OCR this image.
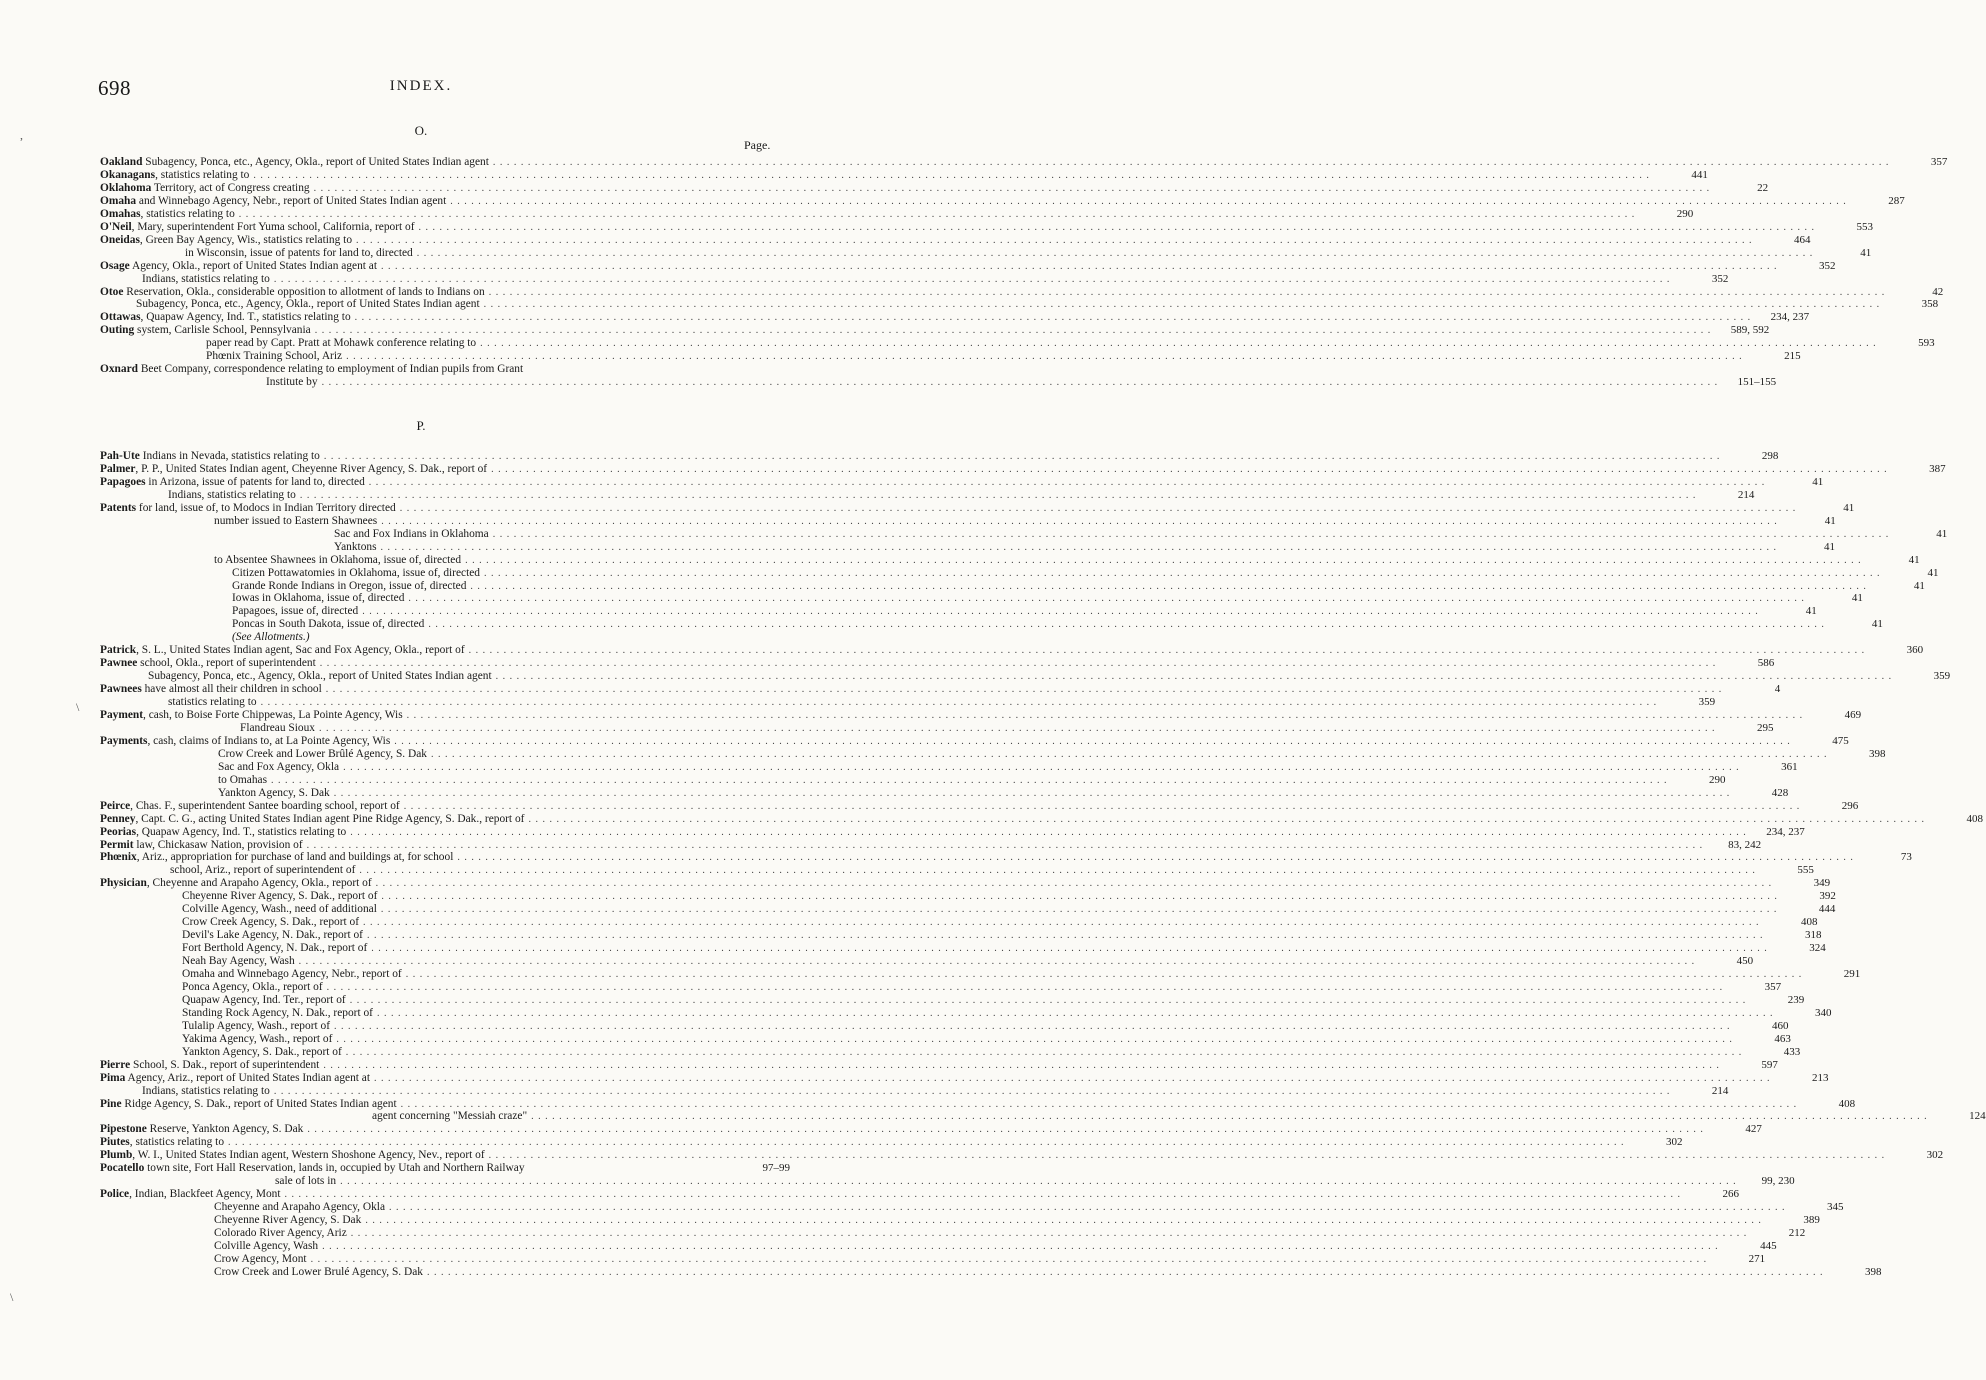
698	INDEX.
Page.
O.
Oakland Subagency, Ponca, etc., Agency, Okla., report of United States Indian agent . . . . . . . . . . . . . . . . . . . . . . . . . . . . . . . . . . . . . . . . . . . . . . . . . . . . . . . . . . . . . . . . . . . . . . . . . . . . . . . . . . . . . . . . . . . . . . . . . . . . . . . . . . . . . . . . . . . . . . . . . . . . . . . . . . . . . . . . . . . . . . . . . . . . . . . . . . . . . . . . . . . . . . . . . . . . . . . . . . . . . . . . . . . . . . . . . . . . . . . .	357
Okanagans, statistics relating to . . . . . . . . . . . . . . . . . . . . . . . . . . . . . . . . . . . . . . . . . . . . . . . . . . . . . . . . . . . . . . . . . . . . . . . . . . . . . . . . . . . . . . . . . . . . . . . . . . . . . . . . . . . . . . . . . . . . . . . . . . . . . . . . . . . . . . . . . . . . . . . . . . . . . . . . . . . . . . . . . . . . . . . . . . . . . . . . . . . . . . . . . . . . . . . . . . . . . . . .	441
Oklahoma Territory, act of Congress creating . . . . . . . . . . . . . . . . . . . . . . . . . . . . . . . . . . . . . . . . . . . . . . . . . . . . . . . . . . . . . . . . . . . . . . . . . . . . . . . . . . . . . . . . . . . . . . . . . . . . . . . . . . . . . . . . . . . . . . . . . . . . . . . . . . . . . . . . . . . . . . . . . . . . . . . . . . . . . . . . . . . . . . . . . . . . . . . . . . . . . . . . . . . . . . . . . . . . . . . .	22
Omaha and Winnebago Agency, Nebr., report of United States Indian agent . . . . . . . . . . . . . . . . . . . . . . . . . . . . . . . . . . . . . . . . . . . . . . . . . . . . . . . . . . . . . . . . . . . . . . . . . . . . . . . . . . . . . . . . . . . . . . . . . . . . . . . . . . . . . . . . . . . . . . . . . . . . . . . . . . . . . . . . . . . . . . . . . . . . . . . . . . . . . . . . . . . . . . . . . . . . . . . . . . . . . . . . . . . . . . . . . . . . . . . .	287
Omahas, statistics relating to . . . . . . . . . . . . . . . . . . . . . . . . . . . . . . . . . . . . . . . . . . . . . . . . . . . . . . . . . . . . . . . . . . . . . . . . . . . . . . . . . . . . . . . . . . . . . . . . . . . . . . . . . . . . . . . . . . . . . . . . . . . . . . . . . . . . . . . . . . . . . . . . . . . . . . . . . . . . . . . . . . . . . . . . . . . . . . . . . . . . . . . . . . . . . . . . . . . . . . . .	290
O'Neil, Mary, superintendent Fort Yuma school, California, report of . . . . . . . . . . . . . . . . . . . . . . . . . . . . . . . . . . . . . . . . . . . . . . . . . . . . . . . . . . . . . . . . . . . . . . . . . . . . . . . . . . . . . . . . . . . . . . . . . . . . . . . . . . . . . . . . . . . . . . . . . . . . . . . . . . . . . . . . . . . . . . . . . . . . . . . . . . . . . . . . . . . . . . . . . . . . . . . . . . . . . . . . . . . . . . . . . . . . . . . .	553
Oneidas, Green Bay Agency, Wis., statistics relating to . . . . . . . . . . . . . . . . . . . . . . . . . . . . . . . . . . . . . . . . . . . . . . . . . . . . . . . . . . . . . . . . . . . . . . . . . . . . . . . . . . . . . . . . . . . . . . . . . . . . . . . . . . . . . . . . . . . . . . . . . . . . . . . . . . . . . . . . . . . . . . . . . . . . . . . . . . . . . . . . . . . . . . . . . . . . . . . . . . . . . . . . . . . . . . . . . . . . . . . .	464
in Wisconsin, issue of patents for land to, directed . . . . . . . . . . . . . . . . . . . . . . . . . . . . . . . . . . . . . . . . . . . . . . . . . . . . . . . . . . . . . . . . . . . . . . . . . . . . . . . . . . . . . . . . . . . . . . . . . . . . . . . . . . . . . . . . . . . . . . . . . . . . . . . . . . . . . . . . . . . . . . . . . . . . . . . . . . . . . . . . . . . . . . . . . . . . . . . . . . . . . . . . . . . . . . . . . . . . . . . .	41
Osage Agency, Okla., report of United States Indian agent at . . . . . . . . . . . . . . . . . . . . . . . . . . . . . . . . . . . . . . . . . . . . . . . . . . . . . . . . . . . . . . . . . . . . . . . . . . . . . . . . . . . . . . . . . . . . . . . . . . . . . . . . . . . . . . . . . . . . . . . . . . . . . . . . . . . . . . . . . . . . . . . . . . . . . . . . . . . . . . . . . . . . . . . . . . . . . . . . . . . . . . . . . . . . . . . . . . . . . . . .	352
Indians, statistics relating to . . . . . . . . . . . . . . . . . . . . . . . . . . . . . . . . . . . . . . . . . . . . . . . . . . . . . . . . . . . . . . . . . . . . . . . . . . . . . . . . . . . . . . . . . . . . . . . . . . . . . . . . . . . . . . . . . . . . . . . . . . . . . . . . . . . . . . . . . . . . . . . . . . . . . . . . . . . . . . . . . . . . . . . . . . . . . . . . . . . . . . . . . . . . . . . . . . . . . . . .	352
Otoe Reservation, Okla., considerable opposition to allotment of lands to Indians on . . . . . . . . . . . . . . . . . . . . . . . . . . . . . . . . . . . . . . . . . . . . . . . . . . . . . . . . . . . . . . . . . . . . . . . . . . . . . . . . . . . . . . . . . . . . . . . . . . . . . . . . . . . . . . . . . . . . . . . . . . . . . . . . . . . . . . . . . . . . . . . . . . . . . . . . . . . . . . . . . . . . . . . . . . . . . . . . . . . . . . . . . . . . . . . . . . . . . . . .	42
Subagency, Ponca, etc., Agency, Okla., report of United States Indian agent . . . . . . . . . . . . . . . . . . . . . . . . . . . . . . . . . . . . . . . . . . . . . . . . . . . . . . . . . . . . . . . . . . . . . . . . . . . . . . . . . . . . . . . . . . . . . . . . . . . . . . . . . . . . . . . . . . . . . . . . . . . . . . . . . . . . . . . . . . . . . . . . . . . . . . . . . . . . . . . . . . . . . . . . . . . . . . . . . . . . . . . . . . . . . . . . . . . . . . . .	358
Ottawas, Quapaw Agency, Ind. T., statistics relating to . . . . . . . . . . . . . . . . . . . . . . . . . . . . . . . . . . . . . . . . . . . . . . . . . . . . . . . . . . . . . . . . . . . . . . . . . . . . . . . . . . . . . . . . . . . . . . . . . . . . . . . . . . . . . . . . . . . . . . . . . . . . . . . . . . . . . . . . . . . . . . . . . . . . . . . . . . . . . . . . . . . . . . . . . . . . . . . . . . . . . . . . . . . . . . . . . . . . . . . .	234, 237
Outing system, Carlisle School, Pennsylvania . . . . . . . . . . . . . . . . . . . . . . . . . . . . . . . . . . . . . . . . . . . . . . . . . . . . . . . . . . . . . . . . . . . . . . . . . . . . . . . . . . . . . . . . . . . . . . . . . . . . . . . . . . . . . . . . . . . . . . . . . . . . . . . . . . . . . . . . . . . . . . . . . . . . . . . . . . . . . . . . . . . . . . . . . . . . . . . . . . . . . . . . . . . . . . . . . . . . . . . .	589, 592
paper read by Capt. Pratt at Mohawk conference relating to . . . . . . . . . . . . . . . . . . . . . . . . . . . . . . . . . . . . . . . . . . . . . . . . . . . . . . . . . . . . . . . . . . . . . . . . . . . . . . . . . . . . . . . . . . . . . . . . . . . . . . . . . . . . . . . . . . . . . . . . . . . . . . . . . . . . . . . . . . . . . . . . . . . . . . . . . . . . . . . . . . . . . . . . . . . . . . . . . . . . . . . . . . . . . . . . . . . . . . . .	593
Phœnix Training School, Ariz . . . . . . . . . . . . . . . . . . . . . . . . . . . . . . . . . . . . . . . . . . . . . . . . . . . . . . . . . . . . . . . . . . . . . . . . . . . . . . . . . . . . . . . . . . . . . . . . . . . . . . . . . . . . . . . . . . . . . . . . . . . . . . . . . . . . . . . . . . . . . . . . . . . . . . . . . . . . . . . . . . . . . . . . . . . . . . . . . . . . . . . . . . . . . . . . . . . . . . . .	215
Oxnard Beet Company, correspondence relating to employment of Indian pupils from Grant
Institute by . . . . . . . . . . . . . . . . . . . . . . . . . . . . . . . . . . . . . . . . . . . . . . . . . . . . . . . . . . . . . . . . . . . . . . . . . . . . . . . . . . . . . . . . . . . . . . . . . . . . . . . . . . . . . . . . . . . . . . . . . . . . . . . . . . . . . . . . . . . . . . . . . . . . . . . . . . . . . . . . . . . . . . . . . . . . . . . . . . . . . . . . . . . . . . . . . . . . . . . .	151–155
P.
Pah-Ute Indians in Nevada, statistics relating to . . . . . . . . . . . . . . . . . . . . . . . . . . . . . . . . . . . . . . . . . . . . . . . . . . . . . . . . . . . . . . . . . . . . . . . . . . . . . . . . . . . . . . . . . . . . . . . . . . . . . . . . . . . . . . . . . . . . . . . . . . . . . . . . . . . . . . . . . . . . . . . . . . . . . . . . . . . . . . . . . . . . . . . . . . . . . . . . . . . . . . . . . . . . . . . . . . . . . . . .	298
Palmer, P. P., United States Indian agent, Cheyenne River Agency, S. Dak., report of . . . . . . . . . . . . . . . . . . . . . . . . . . . . . . . . . . . . . . . . . . . . . . . . . . . . . . . . . . . . . . . . . . . . . . . . . . . . . . . . . . . . . . . . . . . . . . . . . . . . . . . . . . . . . . . . . . . . . . . . . . . . . . . . . . . . . . . . . . . . . . . . . . . . . . . . . . . . . . . . . . . . . . . . . . . . . . . . . . . . . . . . . . . . . . . . . . . . . . . .	387
Papagoes in Arizona, issue of patents for land to, directed . . . . . . . . . . . . . . . . . . . . . . . . . . . . . . . . . . . . . . . . . . . . . . . . . . . . . . . . . . . . . . . . . . . . . . . . . . . . . . . . . . . . . . . . . . . . . . . . . . . . . . . . . . . . . . . . . . . . . . . . . . . . . . . . . . . . . . . . . . . . . . . . . . . . . . . . . . . . . . . . . . . . . . . . . . . . . . . . . . . . . . . . . . . . . . . . . . . . . . . .	41
Indians, statistics relating to . . . . . . . . . . . . . . . . . . . . . . . . . . . . . . . . . . . . . . . . . . . . . . . . . . . . . . . . . . . . . . . . . . . . . . . . . . . . . . . . . . . . . . . . . . . . . . . . . . . . . . . . . . . . . . . . . . . . . . . . . . . . . . . . . . . . . . . . . . . . . . . . . . . . . . . . . . . . . . . . . . . . . . . . . . . . . . . . . . . . . . . . . . . . . . . . . . . . . . . .	214
Patents for land, issue of, to Modocs in Indian Territory directed . . . . . . . . . . . . . . . . . . . . . . . . . . . . . . . . . . . . . . . . . . . . . . . . . . . . . . . . . . . . . . . . . . . . . . . . . . . . . . . . . . . . . . . . . . . . . . . . . . . . . . . . . . . . . . . . . . . . . . . . . . . . . . . . . . . . . . . . . . . . . . . . . . . . . . . . . . . . . . . . . . . . . . . . . . . . . . . . . . . . . . . . . . . . . . . . . . . . . . . .	41
number issued to Eastern Shawnees . . . . . . . . . . . . . . . . . . . . . . . . . . . . . . . . . . . . . . . . . . . . . . . . . . . . . . . . . . . . . . . . . . . . . . . . . . . . . . . . . . . . . . . . . . . . . . . . . . . . . . . . . . . . . . . . . . . . . . . . . . . . . . . . . . . . . . . . . . . . . . . . . . . . . . . . . . . . . . . . . . . . . . . . . . . . . . . . . . . . . . . . . . . . . . . . . . . . . . . .	41
Sac and Fox Indians in Oklahoma . . . . . . . . . . . . . . . . . . . . . . . . . . . . . . . . . . . . . . . . . . . . . . . . . . . . . . . . . . . . . . . . . . . . . . . . . . . . . . . . . . . . . . . . . . . . . . . . . . . . . . . . . . . . . . . . . . . . . . . . . . . . . . . . . . . . . . . . . . . . . . . . . . . . . . . . . . . . . . . . . . . . . . . . . . . . . . . . . . . . . . . . . . . . . . . . . . . . . . . .	41
Yanktons . . . . . . . . . . . . . . . . . . . . . . . . . . . . . . . . . . . . . . . . . . . . . . . . . . . . . . . . . . . . . . . . . . . . . . . . . . . . . . . . . . . . . . . . . . . . . . . . . . . . . . . . . . . . . . . . . . . . . . . . . . . . . . . . . . . . . . . . . . . . . . . . . . . . . . . . . . . . . . . . . . . . . . . . . . . . . . . . . . . . . . . . . . . . . . . . . . . . . . . .	41
to Absentee Shawnees in Oklahoma, issue of, directed . . . . . . . . . . . . . . . . . . . . . . . . . . . . . . . . . . . . . . . . . . . . . . . . . . . . . . . . . . . . . . . . . . . . . . . . . . . . . . . . . . . . . . . . . . . . . . . . . . . . . . . . . . . . . . . . . . . . . . . . . . . . . . . . . . . . . . . . . . . . . . . . . . . . . . . . . . . . . . . . . . . . . . . . . . . . . . . . . . . . . . . . . . . . . . . . . . . . . . . .	41
Citizen Pottawatomies in Oklahoma, issue of, directed . . . . . . . . . . . . . . . . . . . . . . . . . . . . . . . . . . . . . . . . . . . . . . . . . . . . . . . . . . . . . . . . . . . . . . . . . . . . . . . . . . . . . . . . . . . . . . . . . . . . . . . . . . . . . . . . . . . . . . . . . . . . . . . . . . . . . . . . . . . . . . . . . . . . . . . . . . . . . . . . . . . . . . . . . . . . . . . . . . . . . . . . . . . . . . . . . . . . . . . .	41
Grande Ronde Indians in Oregon, issue of, directed . . . . . . . . . . . . . . . . . . . . . . . . . . . . . . . . . . . . . . . . . . . . . . . . . . . . . . . . . . . . . . . . . . . . . . . . . . . . . . . . . . . . . . . . . . . . . . . . . . . . . . . . . . . . . . . . . . . . . . . . . . . . . . . . . . . . . . . . . . . . . . . . . . . . . . . . . . . . . . . . . . . . . . . . . . . . . . . . . . . . . . . . . . . . . . . . . . . . . . . .	41
Iowas in Oklahoma, issue of, directed . . . . . . . . . . . . . . . . . . . . . . . . . . . . . . . . . . . . . . . . . . . . . . . . . . . . . . . . . . . . . . . . . . . . . . . . . . . . . . . . . . . . . . . . . . . . . . . . . . . . . . . . . . . . . . . . . . . . . . . . . . . . . . . . . . . . . . . . . . . . . . . . . . . . . . . . . . . . . . . . . . . . . . . . . . . . . . . . . . . . . . . . . . . . . . . . . . . . . . . .	41
Papagoes, issue of, directed . . . . . . . . . . . . . . . . . . . . . . . . . . . . . . . . . . . . . . . . . . . . . . . . . . . . . . . . . . . . . . . . . . . . . . . . . . . . . . . . . . . . . . . . . . . . . . . . . . . . . . . . . . . . . . . . . . . . . . . . . . . . . . . . . . . . . . . . . . . . . . . . . . . . . . . . . . . . . . . . . . . . . . . . . . . . . . . . . . . . . . . . . . . . . . . . . . . . . . . .	41
Poncas in South Dakota, issue of, directed . . . . . . . . . . . . . . . . . . . . . . . . . . . . . . . . . . . . . . . . . . . . . . . . . . . . . . . . . . . . . . . . . . . . . . . . . . . . . . . . . . . . . . . . . . . . . . . . . . . . . . . . . . . . . . . . . . . . . . . . . . . . . . . . . . . . . . . . . . . . . . . . . . . . . . . . . . . . . . . . . . . . . . . . . . . . . . . . . . . . . . . . . . . . . . . . . . . . . . . .	41
(See Allotments.)
Patrick, S. L., United States Indian agent, Sac and Fox Agency, Okla., report of . . . . . . . . . . . . . . . . . . . . . . . . . . . . . . . . . . . . . . . . . . . . . . . . . . . . . . . . . . . . . . . . . . . . . . . . . . . . . . . . . . . . . . . . . . . . . . . . . . . . . . . . . . . . . . . . . . . . . . . . . . . . . . . . . . . . . . . . . . . . . . . . . . . . . . . . . . . . . . . . . . . . . . . . . . . . . . . . . . . . . . . . . . . . . . . . . . . . . . . .	360
Pawnee school, Okla., report of superintendent . . . . . . . . . . . . . . . . . . . . . . . . . . . . . . . . . . . . . . . . . . . . . . . . . . . . . . . . . . . . . . . . . . . . . . . . . . . . . . . . . . . . . . . . . . . . . . . . . . . . . . . . . . . . . . . . . . . . . . . . . . . . . . . . . . . . . . . . . . . . . . . . . . . . . . . . . . . . . . . . . . . . . . . . . . . . . . . . . . . . . . . . . . . . . . . . . . . . . . . .	586
Subagency, Ponca, etc., Agency, Okla., report of United States Indian agent . . . . . . . . . . . . . . . . . . . . . . . . . . . . . . . . . . . . . . . . . . . . . . . . . . . . . . . . . . . . . . . . . . . . . . . . . . . . . . . . . . . . . . . . . . . . . . . . . . . . . . . . . . . . . . . . . . . . . . . . . . . . . . . . . . . . . . . . . . . . . . . . . . . . . . . . . . . . . . . . . . . . . . . . . . . . . . . . . . . . . . . . . . . . . . . . . . . . . . . .	359
Pawnees have almost all their children in school . . . . . . . . . . . . . . . . . . . . . . . . . . . . . . . . . . . . . . . . . . . . . . . . . . . . . . . . . . . . . . . . . . . . . . . . . . . . . . . . . . . . . . . . . . . . . . . . . . . . . . . . . . . . . . . . . . . . . . . . . . . . . . . . . . . . . . . . . . . . . . . . . . . . . . . . . . . . . . . . . . . . . . . . . . . . . . . . . . . . . . . . . . . . . . . . . . . . . . . .	4
statistics relating to . . . . . . . . . . . . . . . . . . . . . . . . . . . . . . . . . . . . . . . . . . . . . . . . . . . . . . . . . . . . . . . . . . . . . . . . . . . . . . . . . . . . . . . . . . . . . . . . . . . . . . . . . . . . . . . . . . . . . . . . . . . . . . . . . . . . . . . . . . . . . . . . . . . . . . . . . . . . . . . . . . . . . . . . . . . . . . . . . . . . . . . . . . . . . . . . . . . . . . . .	359
Payment, cash, to Boise Forte Chippewas, La Pointe Agency, Wis . . . . . . . . . . . . . . . . . . . . . . . . . . . . . . . . . . . . . . . . . . . . . . . . . . . . . . . . . . . . . . . . . . . . . . . . . . . . . . . . . . . . . . . . . . . . . . . . . . . . . . . . . . . . . . . . . . . . . . . . . . . . . . . . . . . . . . . . . . . . . . . . . . . . . . . . . . . . . . . . . . . . . . . . . . . . . . . . . . . . . . . . . . . . . . . . . . . . . . . .	469
Flandreau Sioux . . . . . . . . . . . . . . . . . . . . . . . . . . . . . . . . . . . . . . . . . . . . . . . . . . . . . . . . . . . . . . . . . . . . . . . . . . . . . . . . . . . . . . . . . . . . . . . . . . . . . . . . . . . . . . . . . . . . . . . . . . . . . . . . . . . . . . . . . . . . . . . . . . . . . . . . . . . . . . . . . . . . . . . . . . . . . . . . . . . . . . . . . . . . . . . . . . . . . . . .	295
Payments, cash, claims of Indians to, at La Pointe Agency, Wis . . . . . . . . . . . . . . . . . . . . . . . . . . . . . . . . . . . . . . . . . . . . . . . . . . . . . . . . . . . . . . . . . . . . . . . . . . . . . . . . . . . . . . . . . . . . . . . . . . . . . . . . . . . . . . . . . . . . . . . . . . . . . . . . . . . . . . . . . . . . . . . . . . . . . . . . . . . . . . . . . . . . . . . . . . . . . . . . . . . . . . . . . . . . . . . . . . . . . . . .	475
Crow Creek and Lower Brûlé Agency, S. Dak . . . . . . . . . . . . . . . . . . . . . . . . . . . . . . . . . . . . . . . . . . . . . . . . . . . . . . . . . . . . . . . . . . . . . . . . . . . . . . . . . . . . . . . . . . . . . . . . . . . . . . . . . . . . . . . . . . . . . . . . . . . . . . . . . . . . . . . . . . . . . . . . . . . . . . . . . . . . . . . . . . . . . . . . . . . . . . . . . . . . . . . . . . . . . . . . . . . . . . . .	398
Sac and Fox Agency, Okla . . . . . . . . . . . . . . . . . . . . . . . . . . . . . . . . . . . . . . . . . . . . . . . . . . . . . . . . . . . . . . . . . . . . . . . . . . . . . . . . . . . . . . . . . . . . . . . . . . . . . . . . . . . . . . . . . . . . . . . . . . . . . . . . . . . . . . . . . . . . . . . . . . . . . . . . . . . . . . . . . . . . . . . . . . . . . . . . . . . . . . . . . . . . . . . . . . . . . . . .	361
to Omahas . . . . . . . . . . . . . . . . . . . . . . . . . . . . . . . . . . . . . . . . . . . . . . . . . . . . . . . . . . . . . . . . . . . . . . . . . . . . . . . . . . . . . . . . . . . . . . . . . . . . . . . . . . . . . . . . . . . . . . . . . . . . . . . . . . . . . . . . . . . . . . . . . . . . . . . . . . . . . . . . . . . . . . . . . . . . . . . . . . . . . . . . . . . . . . . . . . . . . . . .	290
Yankton Agency, S. Dak . . . . . . . . . . . . . . . . . . . . . . . . . . . . . . . . . . . . . . . . . . . . . . . . . . . . . . . . . . . . . . . . . . . . . . . . . . . . . . . . . . . . . . . . . . . . . . . . . . . . . . . . . . . . . . . . . . . . . . . . . . . . . . . . . . . . . . . . . . . . . . . . . . . . . . . . . . . . . . . . . . . . . . . . . . . . . . . . . . . . . . . . . . . . . . . . . . . . . . . .	428
Peirce, Chas. F., superintendent Santee boarding school, report of . . . . . . . . . . . . . . . . . . . . . . . . . . . . . . . . . . . . . . . . . . . . . . . . . . . . . . . . . . . . . . . . . . . . . . . . . . . . . . . . . . . . . . . . . . . . . . . . . . . . . . . . . . . . . . . . . . . . . . . . . . . . . . . . . . . . . . . . . . . . . . . . . . . . . . . . . . . . . . . . . . . . . . . . . . . . . . . . . . . . . . . . . . . . . . . . . . . . . . . .	296
Penney, Capt. C. G., acting United States Indian agent Pine Ridge Agency, S. Dak., report of . . . . . . . . . . . . . . . . . . . . . . . . . . . . . . . . . . . . . . . . . . . . . . . . . . . . . . . . . . . . . . . . . . . . . . . . . . . . . . . . . . . . . . . . . . . . . . . . . . . . . . . . . . . . . . . . . . . . . . . . . . . . . . . . . . . . . . . . . . . . . . . . . . . . . . . . . . . . . . . . . . . . . . . . . . . . . . . . . . . . . . . . . . . . . . . . . . . . . . . .	408
Peorias, Quapaw Agency, Ind. T., statistics relating to . . . . . . . . . . . . . . . . . . . . . . . . . . . . . . . . . . . . . . . . . . . . . . . . . . . . . . . . . . . . . . . . . . . . . . . . . . . . . . . . . . . . . . . . . . . . . . . . . . . . . . . . . . . . . . . . . . . . . . . . . . . . . . . . . . . . . . . . . . . . . . . . . . . . . . . . . . . . . . . . . . . . . . . . . . . . . . . . . . . . . . . . . . . . . . . . . . . . . . . .	234, 237
Permit law, Chickasaw Nation, provision of . . . . . . . . . . . . . . . . . . . . . . . . . . . . . . . . . . . . . . . . . . . . . . . . . . . . . . . . . . . . . . . . . . . . . . . . . . . . . . . . . . . . . . . . . . . . . . . . . . . . . . . . . . . . . . . . . . . . . . . . . . . . . . . . . . . . . . . . . . . . . . . . . . . . . . . . . . . . . . . . . . . . . . . . . . . . . . . . . . . . . . . . . . . . . . . . . . . . . . . .	83, 242
Phœnix, Ariz., appropriation for purchase of land and buildings at, for school . . . . . . . . . . . . . . . . . . . . . . . . . . . . . . . . . . . . . . . . . . . . . . . . . . . . . . . . . . . . . . . . . . . . . . . . . . . . . . . . . . . . . . . . . . . . . . . . . . . . . . . . . . . . . . . . . . . . . . . . . . . . . . . . . . . . . . . . . . . . . . . . . . . . . . . . . . . . . . . . . . . . . . . . . . . . . . . . . . . . . . . . . . . . . . . . . . . . . . . .	73
school, Ariz., report of superintendent of . . . . . . . . . . . . . . . . . . . . . . . . . . . . . . . . . . . . . . . . . . . . . . . . . . . . . . . . . . . . . . . . . . . . . . . . . . . . . . . . . . . . . . . . . . . . . . . . . . . . . . . . . . . . . . . . . . . . . . . . . . . . . . . . . . . . . . . . . . . . . . . . . . . . . . . . . . . . . . . . . . . . . . . . . . . . . . . . . . . . . . . . . . . . . . . . . . . . . . . .	555
Physician, Cheyenne and Arapaho Agency, Okla., report of . . . . . . . . . . . . . . . . . . . . . . . . . . . . . . . . . . . . . . . . . . . . . . . . . . . . . . . . . . . . . . . . . . . . . . . . . . . . . . . . . . . . . . . . . . . . . . . . . . . . . . . . . . . . . . . . . . . . . . . . . . . . . . . . . . . . . . . . . . . . . . . . . . . . . . . . . . . . . . . . . . . . . . . . . . . . . . . . . . . . . . . . . . . . . . . . . . . . . . . .	349
Cheyenne River Agency, S. Dak., report of . . . . . . . . . . . . . . . . . . . . . . . . . . . . . . . . . . . . . . . . . . . . . . . . . . . . . . . . . . . . . . . . . . . . . . . . . . . . . . . . . . . . . . . . . . . . . . . . . . . . . . . . . . . . . . . . . . . . . . . . . . . . . . . . . . . . . . . . . . . . . . . . . . . . . . . . . . . . . . . . . . . . . . . . . . . . . . . . . . . . . . . . . . . . . . . . . . . . . . . .	392
Colville Agency, Wash., need of additional . . . . . . . . . . . . . . . . . . . . . . . . . . . . . . . . . . . . . . . . . . . . . . . . . . . . . . . . . . . . . . . . . . . . . . . . . . . . . . . . . . . . . . . . . . . . . . . . . . . . . . . . . . . . . . . . . . . . . . . . . . . . . . . . . . . . . . . . . . . . . . . . . . . . . . . . . . . . . . . . . . . . . . . . . . . . . . . . . . . . . . . . . . . . . . . . . . . . . . . .	444
Crow Creek Agency, S. Dak., report of . . . . . . . . . . . . . . . . . . . . . . . . . . . . . . . . . . . . . . . . . . . . . . . . . . . . . . . . . . . . . . . . . . . . . . . . . . . . . . . . . . . . . . . . . . . . . . . . . . . . . . . . . . . . . . . . . . . . . . . . . . . . . . . . . . . . . . . . . . . . . . . . . . . . . . . . . . . . . . . . . . . . . . . . . . . . . . . . . . . . . . . . . . . . . . . . . . . . . . . .	408
Devil's Lake Agency, N. Dak., report of . . . . . . . . . . . . . . . . . . . . . . . . . . . . . . . . . . . . . . . . . . . . . . . . . . . . . . . . . . . . . . . . . . . . . . . . . . . . . . . . . . . . . . . . . . . . . . . . . . . . . . . . . . . . . . . . . . . . . . . . . . . . . . . . . . . . . . . . . . . . . . . . . . . . . . . . . . . . . . . . . . . . . . . . . . . . . . . . . . . . . . . . . . . . . . . . . . . . . . . .	318
Fort Berthold Agency, N. Dak., report of . . . . . . . . . . . . . . . . . . . . . . . . . . . . . . . . . . . . . . . . . . . . . . . . . . . . . . . . . . . . . . . . . . . . . . . . . . . . . . . . . . . . . . . . . . . . . . . . . . . . . . . . . . . . . . . . . . . . . . . . . . . . . . . . . . . . . . . . . . . . . . . . . . . . . . . . . . . . . . . . . . . . . . . . . . . . . . . . . . . . . . . . . . . . . . . . . . . . . . . .	324
Neah Bay Agency, Wash . . . . . . . . . . . . . . . . . . . . . . . . . . . . . . . . . . . . . . . . . . . . . . . . . . . . . . . . . . . . . . . . . . . . . . . . . . . . . . . . . . . . . . . . . . . . . . . . . . . . . . . . . . . . . . . . . . . . . . . . . . . . . . . . . . . . . . . . . . . . . . . . . . . . . . . . . . . . . . . . . . . . . . . . . . . . . . . . . . . . . . . . . . . . . . . . . . . . . . . .	450
Omaha and Winnebago Agency, Nebr., report of . . . . . . . . . . . . . . . . . . . . . . . . . . . . . . . . . . . . . . . . . . . . . . . . . . . . . . . . . . . . . . . . . . . . . . . . . . . . . . . . . . . . . . . . . . . . . . . . . . . . . . . . . . . . . . . . . . . . . . . . . . . . . . . . . . . . . . . . . . . . . . . . . . . . . . . . . . . . . . . . . . . . . . . . . . . . . . . . . . . . . . . . . . . . . . . . . . . . . . . .	291
Ponca Agency, Okla., report of . . . . . . . . . . . . . . . . . . . . . . . . . . . . . . . . . . . . . . . . . . . . . . . . . . . . . . . . . . . . . . . . . . . . . . . . . . . . . . . . . . . . . . . . . . . . . . . . . . . . . . . . . . . . . . . . . . . . . . . . . . . . . . . . . . . . . . . . . . . . . . . . . . . . . . . . . . . . . . . . . . . . . . . . . . . . . . . . . . . . . . . . . . . . . . . . . . . . . . . .	357
Quapaw Agency, Ind. Ter., report of . . . . . . . . . . . . . . . . . . . . . . . . . . . . . . . . . . . . . . . . . . . . . . . . . . . . . . . . . . . . . . . . . . . . . . . . . . . . . . . . . . . . . . . . . . . . . . . . . . . . . . . . . . . . . . . . . . . . . . . . . . . . . . . . . . . . . . . . . . . . . . . . . . . . . . . . . . . . . . . . . . . . . . . . . . . . . . . . . . . . . . . . . . . . . . . . . . . . . . . .	239
Standing Rock Agency, N. Dak., report of . . . . . . . . . . . . . . . . . . . . . . . . . . . . . . . . . . . . . . . . . . . . . . . . . . . . . . . . . . . . . . . . . . . . . . . . . . . . . . . . . . . . . . . . . . . . . . . . . . . . . . . . . . . . . . . . . . . . . . . . . . . . . . . . . . . . . . . . . . . . . . . . . . . . . . . . . . . . . . . . . . . . . . . . . . . . . . . . . . . . . . . . . . . . . . . . . . . . . . . .	340
Tulalip Agency, Wash., report of . . . . . . . . . . . . . . . . . . . . . . . . . . . . . . . . . . . . . . . . . . . . . . . . . . . . . . . . . . . . . . . . . . . . . . . . . . . . . . . . . . . . . . . . . . . . . . . . . . . . . . . . . . . . . . . . . . . . . . . . . . . . . . . . . . . . . . . . . . . . . . . . . . . . . . . . . . . . . . . . . . . . . . . . . . . . . . . . . . . . . . . . . . . . . . . . . . . . . . . .	460
Yakima Agency, Wash., report of . . . . . . . . . . . . . . . . . . . . . . . . . . . . . . . . . . . . . . . . . . . . . . . . . . . . . . . . . . . . . . . . . . . . . . . . . . . . . . . . . . . . . . . . . . . . . . . . . . . . . . . . . . . . . . . . . . . . . . . . . . . . . . . . . . . . . . . . . . . . . . . . . . . . . . . . . . . . . . . . . . . . . . . . . . . . . . . . . . . . . . . . . . . . . . . . . . . . . . . .	463
Yankton Agency, S. Dak., report of . . . . . . . . . . . . . . . . . . . . . . . . . . . . . . . . . . . . . . . . . . . . . . . . . . . . . . . . . . . . . . . . . . . . . . . . . . . . . . . . . . . . . . . . . . . . . . . . . . . . . . . . . . . . . . . . . . . . . . . . . . . . . . . . . . . . . . . . . . . . . . . . . . . . . . . . . . . . . . . . . . . . . . . . . . . . . . . . . . . . . . . . . . . . . . . . . . . . . . . .	433
Pierre School, S. Dak., report of superintendent . . . . . . . . . . . . . . . . . . . . . . . . . . . . . . . . . . . . . . . . . . . . . . . . . . . . . . . . . . . . . . . . . . . . . . . . . . . . . . . . . . . . . . . . . . . . . . . . . . . . . . . . . . . . . . . . . . . . . . . . . . . . . . . . . . . . . . . . . . . . . . . . . . . . . . . . . . . . . . . . . . . . . . . . . . . . . . . . . . . . . . . . . . . . . . . . . . . . . . . .	597
Pima Agency, Ariz., report of United States Indian agent at . . . . . . . . . . . . . . . . . . . . . . . . . . . . . . . . . . . . . . . . . . . . . . . . . . . . . . . . . . . . . . . . . . . . . . . . . . . . . . . . . . . . . . . . . . . . . . . . . . . . . . . . . . . . . . . . . . . . . . . . . . . . . . . . . . . . . . . . . . . . . . . . . . . . . . . . . . . . . . . . . . . . . . . . . . . . . . . . . . . . . . . . . . . . . . . . . . . . . . . .	213
Indians, statistics relating to . . . . . . . . . . . . . . . . . . . . . . . . . . . . . . . . . . . . . . . . . . . . . . . . . . . . . . . . . . . . . . . . . . . . . . . . . . . . . . . . . . . . . . . . . . . . . . . . . . . . . . . . . . . . . . . . . . . . . . . . . . . . . . . . . . . . . . . . . . . . . . . . . . . . . . . . . . . . . . . . . . . . . . . . . . . . . . . . . . . . . . . . . . . . . . . . . . . . . . . .	214
Pine Ridge Agency, S. Dak., report of United States Indian agent . . . . . . . . . . . . . . . . . . . . . . . . . . . . . . . . . . . . . . . . . . . . . . . . . . . . . . . . . . . . . . . . . . . . . . . . . . . . . . . . . . . . . . . . . . . . . . . . . . . . . . . . . . . . . . . . . . . . . . . . . . . . . . . . . . . . . . . . . . . . . . . . . . . . . . . . . . . . . . . . . . . . . . . . . . . . . . . . . . . . . . . . . . . . . . . . . . . . . . . .	408
agent concerning "Messiah craze" . . . . . . . . . . . . . . . . . . . . . . . . . . . . . . . . . . . . . . . . . . . . . . . . . . . . . . . . . . . . . . . . . . . . . . . . . . . . . . . . . . . . . . . . . . . . . . . . . . . . . . . . . . . . . . . . . . . . . . . . . . . . . . . . . . . . . . . . . . . . . . . . . . . . . . . . . . . . . . . . . . . . . . . . . . . . . . . . . . . . . . . . . . . . . . . . . . . . . . . .	124
Pipestone Reserve, Yankton Agency, S. Dak . . . . . . . . . . . . . . . . . . . . . . . . . . . . . . . . . . . . . . . . . . . . . . . . . . . . . . . . . . . . . . . . . . . . . . . . . . . . . . . . . . . . . . . . . . . . . . . . . . . . . . . . . . . . . . . . . . . . . . . . . . . . . . . . . . . . . . . . . . . . . . . . . . . . . . . . . . . . . . . . . . . . . . . . . . . . . . . . . . . . . . . . . . . . . . . . . . . . . . . .	427
Piutes, statistics relating to . . . . . . . . . . . . . . . . . . . . . . . . . . . . . . . . . . . . . . . . . . . . . . . . . . . . . . . . . . . . . . . . . . . . . . . . . . . . . . . . . . . . . . . . . . . . . . . . . . . . . . . . . . . . . . . . . . . . . . . . . . . . . . . . . . . . . . . . . . . . . . . . . . . . . . . . . . . . . . . . . . . . . . . . . . . . . . . . . . . . . . . . . . . . . . . . . . . . . . . .	302
Plumb, W. I., United States Indian agent, Western Shoshone Agency, Nev., report of . . . . . . . . . . . . . . . . . . . . . . . . . . . . . . . . . . . . . . . . . . . . . . . . . . . . . . . . . . . . . . . . . . . . . . . . . . . . . . . . . . . . . . . . . . . . . . . . . . . . . . . . . . . . . . . . . . . . . . . . . . . . . . . . . . . . . . . . . . . . . . . . . . . . . . . . . . . . . . . . . . . . . . . . . . . . . . . . . . . . . . . . . . . . . . . . . . . . . . . .	302
Pocatello town site, Fort Hall Reservation, lands in, occupied by Utah and Northern Railway	97–99
sale of lots in . . . . . . . . . . . . . . . . . . . . . . . . . . . . . . . . . . . . . . . . . . . . . . . . . . . . . . . . . . . . . . . . . . . . . . . . . . . . . . . . . . . . . . . . . . . . . . . . . . . . . . . . . . . . . . . . . . . . . . . . . . . . . . . . . . . . . . . . . . . . . . . . . . . . . . . . . . . . . . . . . . . . . . . . . . . . . . . . . . . . . . . . . . . . . . . . . . . . . . . .	99, 230
Police, Indian, Blackfeet Agency, Mont . . . . . . . . . . . . . . . . . . . . . . . . . . . . . . . . . . . . . . . . . . . . . . . . . . . . . . . . . . . . . . . . . . . . . . . . . . . . . . . . . . . . . . . . . . . . . . . . . . . . . . . . . . . . . . . . . . . . . . . . . . . . . . . . . . . . . . . . . . . . . . . . . . . . . . . . . . . . . . . . . . . . . . . . . . . . . . . . . . . . . . . . . . . . . . . . . . . . . . . .	266
Cheyenne and Arapaho Agency, Okla . . . . . . . . . . . . . . . . . . . . . . . . . . . . . . . . . . . . . . . . . . . . . . . . . . . . . . . . . . . . . . . . . . . . . . . . . . . . . . . . . . . . . . . . . . . . . . . . . . . . . . . . . . . . . . . . . . . . . . . . . . . . . . . . . . . . . . . . . . . . . . . . . . . . . . . . . . . . . . . . . . . . . . . . . . . . . . . . . . . . . . . . . . . . . . . . . . . . . . . .	345
Cheyenne River Agency, S. Dak . . . . . . . . . . . . . . . . . . . . . . . . . . . . . . . . . . . . . . . . . . . . . . . . . . . . . . . . . . . . . . . . . . . . . . . . . . . . . . . . . . . . . . . . . . . . . . . . . . . . . . . . . . . . . . . . . . . . . . . . . . . . . . . . . . . . . . . . . . . . . . . . . . . . . . . . . . . . . . . . . . . . . . . . . . . . . . . . . . . . . . . . . . . . . . . . . . . . . . . .	389
Colorado River Agency, Ariz . . . . . . . . . . . . . . . . . . . . . . . . . . . . . . . . . . . . . . . . . . . . . . . . . . . . . . . . . . . . . . . . . . . . . . . . . . . . . . . . . . . . . . . . . . . . . . . . . . . . . . . . . . . . . . . . . . . . . . . . . . . . . . . . . . . . . . . . . . . . . . . . . . . . . . . . . . . . . . . . . . . . . . . . . . . . . . . . . . . . . . . . . . . . . . . . . . . . . . . .	212
Colville Agency, Wash . . . . . . . . . . . . . . . . . . . . . . . . . . . . . . . . . . . . . . . . . . . . . . . . . . . . . . . . . . . . . . . . . . . . . . . . . . . . . . . . . . . . . . . . . . . . . . . . . . . . . . . . . . . . . . . . . . . . . . . . . . . . . . . . . . . . . . . . . . . . . . . . . . . . . . . . . . . . . . . . . . . . . . . . . . . . . . . . . . . . . . . . . . . . . . . . . . . . . . . .	445
Crow Agency, Mont . . . . . . . . . . . . . . . . . . . . . . . . . . . . . . . . . . . . . . . . . . . . . . . . . . . . . . . . . . . . . . . . . . . . . . . . . . . . . . . . . . . . . . . . . . . . . . . . . . . . . . . . . . . . . . . . . . . . . . . . . . . . . . . . . . . . . . . . . . . . . . . . . . . . . . . . . . . . . . . . . . . . . . . . . . . . . . . . . . . . . . . . . . . . . . . . . . . . . . . .	271
Crow Creek and Lower Brulé Agency, S. Dak . . . . . . . . . . . . . . . . . . . . . . . . . . . . . . . . . . . . . . . . . . . . . . . . . . . . . . . . . . . . . . . . . . . . . . . . . . . . . . . . . . . . . . . . . . . . . . . . . . . . . . . . . . . . . . . . . . . . . . . . . . . . . . . . . . . . . . . . . . . . . . . . . . . . . . . . . . . . . . . . . . . . . . . . . . . . . . . . . . . . . . . . . . . . . . . . . . . . . . . .	398
,
\
\
